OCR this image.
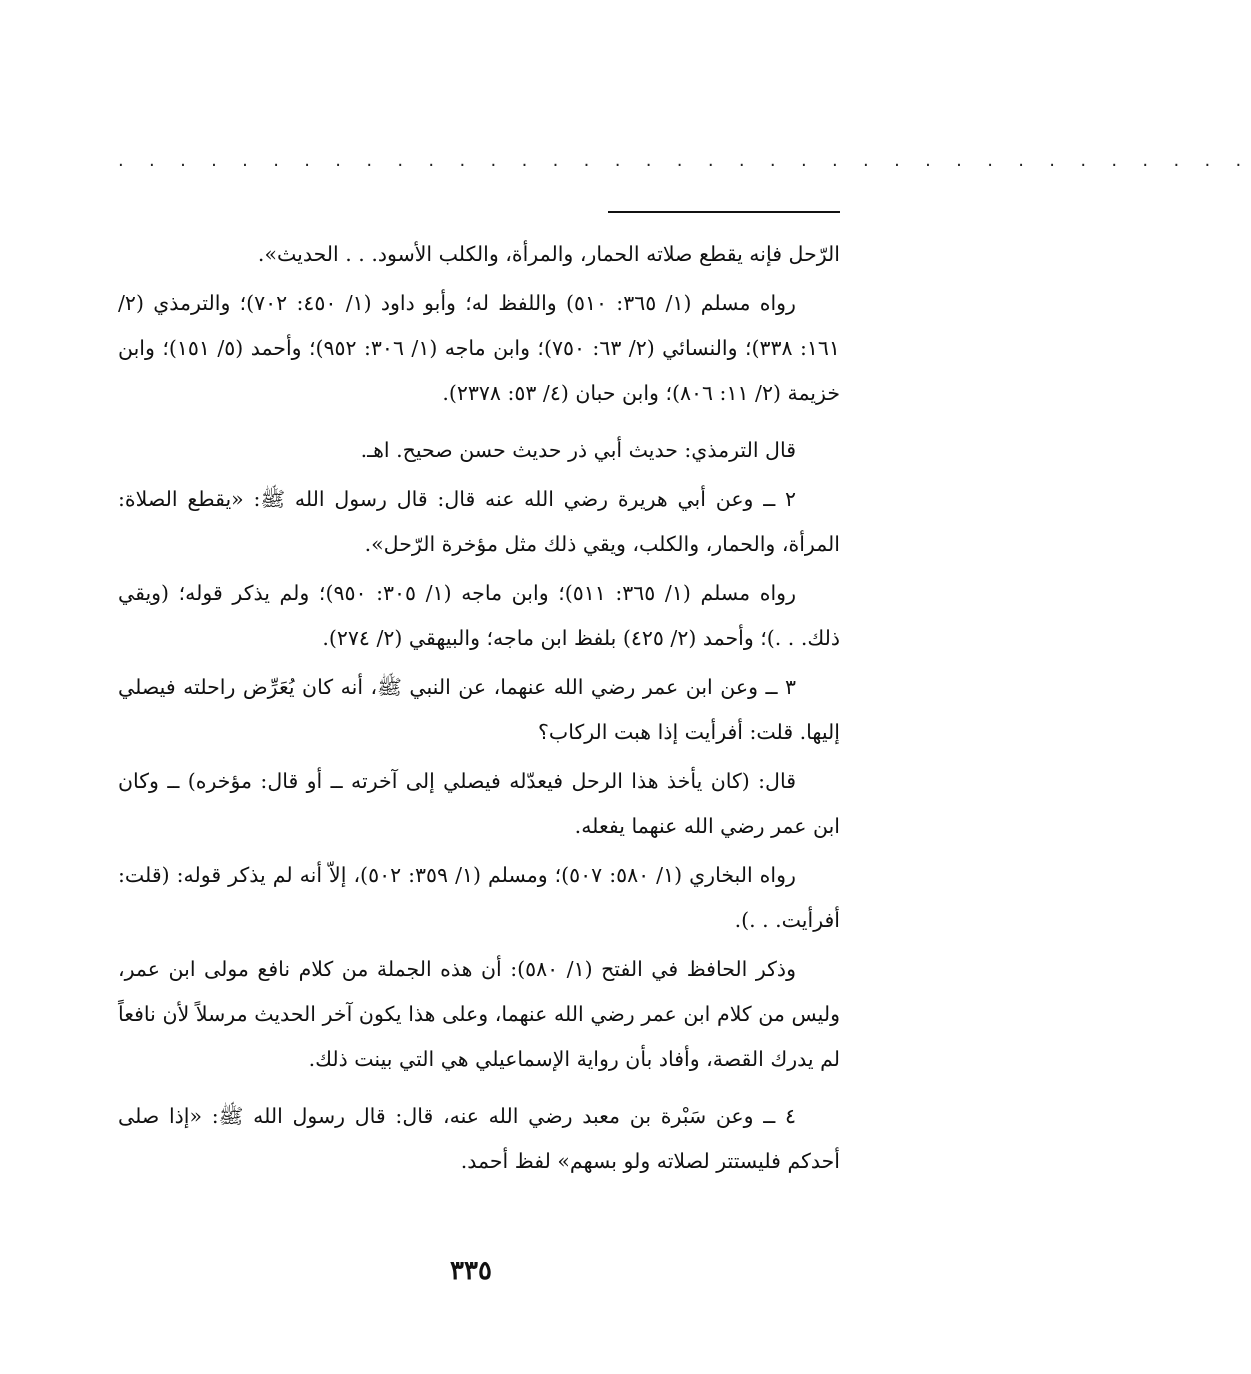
. . . . . . . . . . . . . . . . . . . . . . . . . . . . . . . . . . . . .

الرّحل فإنه يقطع صلاته الحمار، والمرأة، والكلب الأسود. . . الحديث».

رواه مسلم (١/ ٣٦٥: ٥١٠) واللفظ له؛ وأبو داود (١/ ٤٥٠: ٧٠٢)؛ والترمذي (٢/ ١٦١: ٣٣٨)؛ والنسائي (٢/ ٦٣: ٧٥٠)؛ وابن ماجه (١/ ٣٠٦: ٩٥٢)؛ وأحمد (٥/ ١٥١)؛ وابن خزيمة (٢/ ١١: ٨٠٦)؛ وابن حبان (٤/ ٥٣: ٢٣٧٨).

قال الترمذي: حديث أبي ذر حديث حسن صحيح. اهـ.

٢ ــ وعن أبي هريرة رضي الله عنه قال: قال رسول الله ﷺ: «يقطع الصلاة: المرأة، والحمار، والكلب، ويقي ذلك مثل مؤخرة الرّحل».

رواه مسلم (١/ ٣٦٥: ٥١١)؛ وابن ماجه (١/ ٣٠٥: ٩٥٠)؛ ولم يذكر قوله؛ (ويقي ذلك. . .)؛ وأحمد (٢/ ٤٢٥) بلفظ ابن ماجه؛ والبيهقي (٢/ ٢٧٤).

٣ ــ وعن ابن عمر رضي الله عنهما، عن النبي ﷺ، أنه كان يُعَرِّض راحلته فيصلي إليها. قلت: أفرأيت إذا هبت الركاب؟

قال: (كان يأخذ هذا الرحل فيعدّله فيصلي إلى آخرته ــ أو قال: مؤخره) ــ وكان ابن عمر رضي الله عنهما يفعله.

رواه البخاري (١/ ٥٨٠: ٥٠٧)؛ ومسلم (١/ ٣٥٩: ٥٠٢)، إلاّ أنه لم يذكر قوله: (قلت: أفرأيت. . .).

وذكر الحافظ في الفتح (١/ ٥٨٠): أن هذه الجملة من كلام نافع مولى ابن عمر، وليس من كلام ابن عمر رضي الله عنهما، وعلى هذا يكون آخر الحديث مرسلاً لأن نافعاً لم يدرك القصة، وأفاد بأن رواية الإسماعيلي هي التي بينت ذلك.

٤ ــ وعن سَبْرة بن معبد رضي الله عنه، قال: قال رسول الله ﷺ: «إذا صلى أحدكم فليستتر لصلاته ولو بسهم» لفظ أحمد.

٣٣٥
